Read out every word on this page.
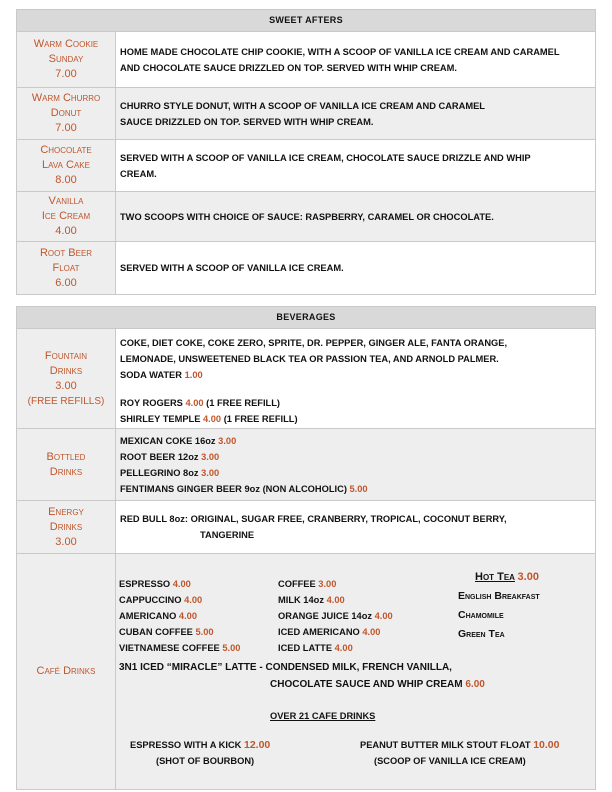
SWEET AFTERS
Warm Cookie
Sunday
7.00
HOME MADE CHOCOLATE CHIP COOKIE, WITH A SCOOP OF VANILLA ICE CREAM AND CARAMEL
AND CHOCOLATE SAUCE DRIZZLED ON TOP. SERVED WITH WHIP CREAM.
Warm Churro
Donut
7.00
CHURRO STYLE DONUT, WITH A SCOOP OF VANILLA ICE CREAM AND CARAMEL
SAUCE DRIZZLED ON TOP. SERVED WITH WHIP CREAM.
Chocolate
Lava Cake
8.00
SERVED WITH A SCOOP OF VANILLA ICE CREAM, CHOCOLATE SAUCE DRIZZLE AND WHIP
CREAM.
Vanilla
Ice Cream
4.00
TWO SCOOPS WITH CHOICE OF SAUCE: RASPBERRY, CARAMEL OR CHOCOLATE.
Root Beer
Float
6.00
SERVED WITH A SCOOP OF VANILLA ICE CREAM.
BEVERAGES
Fountain
Drinks
3.00
(FREE REFILLS)
COKE, DIET COKE, COKE ZERO, SPRITE, DR. PEPPER, GINGER ALE, FANTA ORANGE,
LEMONADE, UNSWEETENED BLACK TEA OR PASSION TEA, AND ARNOLD PALMER.
SODA WATER 1.00
ROY ROGERS 4.00 (1 FREE REFILL)
SHIRLEY TEMPLE 4.00 (1 FREE REFILL)
Bottled
Drinks
MEXICAN COKE 16oz 3.00
ROOT BEER 12oz 3.00
PELLEGRINO 8oz 3.00
FENTIMANS GINGER BEER 9oz (NON ALCOHOLIC) 5.00
Energy
Drinks
3.00
RED BULL 8oz: ORIGINAL, SUGAR FREE, CRANBERRY, TROPICAL, COCONUT BERRY,
TANGERINE
Café Drinks
ESPRESSO 4.00
CAPPUCCINO 4.00
AMERICANO 4.00
CUBAN COFFEE 5.00
VIETNAMESE COFFEE 5.00
COFFEE 3.00
MILK 14oz 4.00
ORANGE JUICE 14oz 4.00
ICED AMERICANO 4.00
ICED LATTE 4.00
Hot Tea 3.00
English Breakfast
Chamomile
Green Tea
3N1 ICED “MIRACLE” LATTE - CONDENSED MILK, FRENCH VANILLA,
CHOCOLATE SAUCE AND WHIP CREAM 6.00
OVER 21 CAFE DRINKS
ESPRESSO WITH A KICK 12.00
(SHOT OF BOURBON)
PEANUT BUTTER MILK STOUT FLOAT 10.00
(SCOOP OF VANILLA ICE CREAM)
